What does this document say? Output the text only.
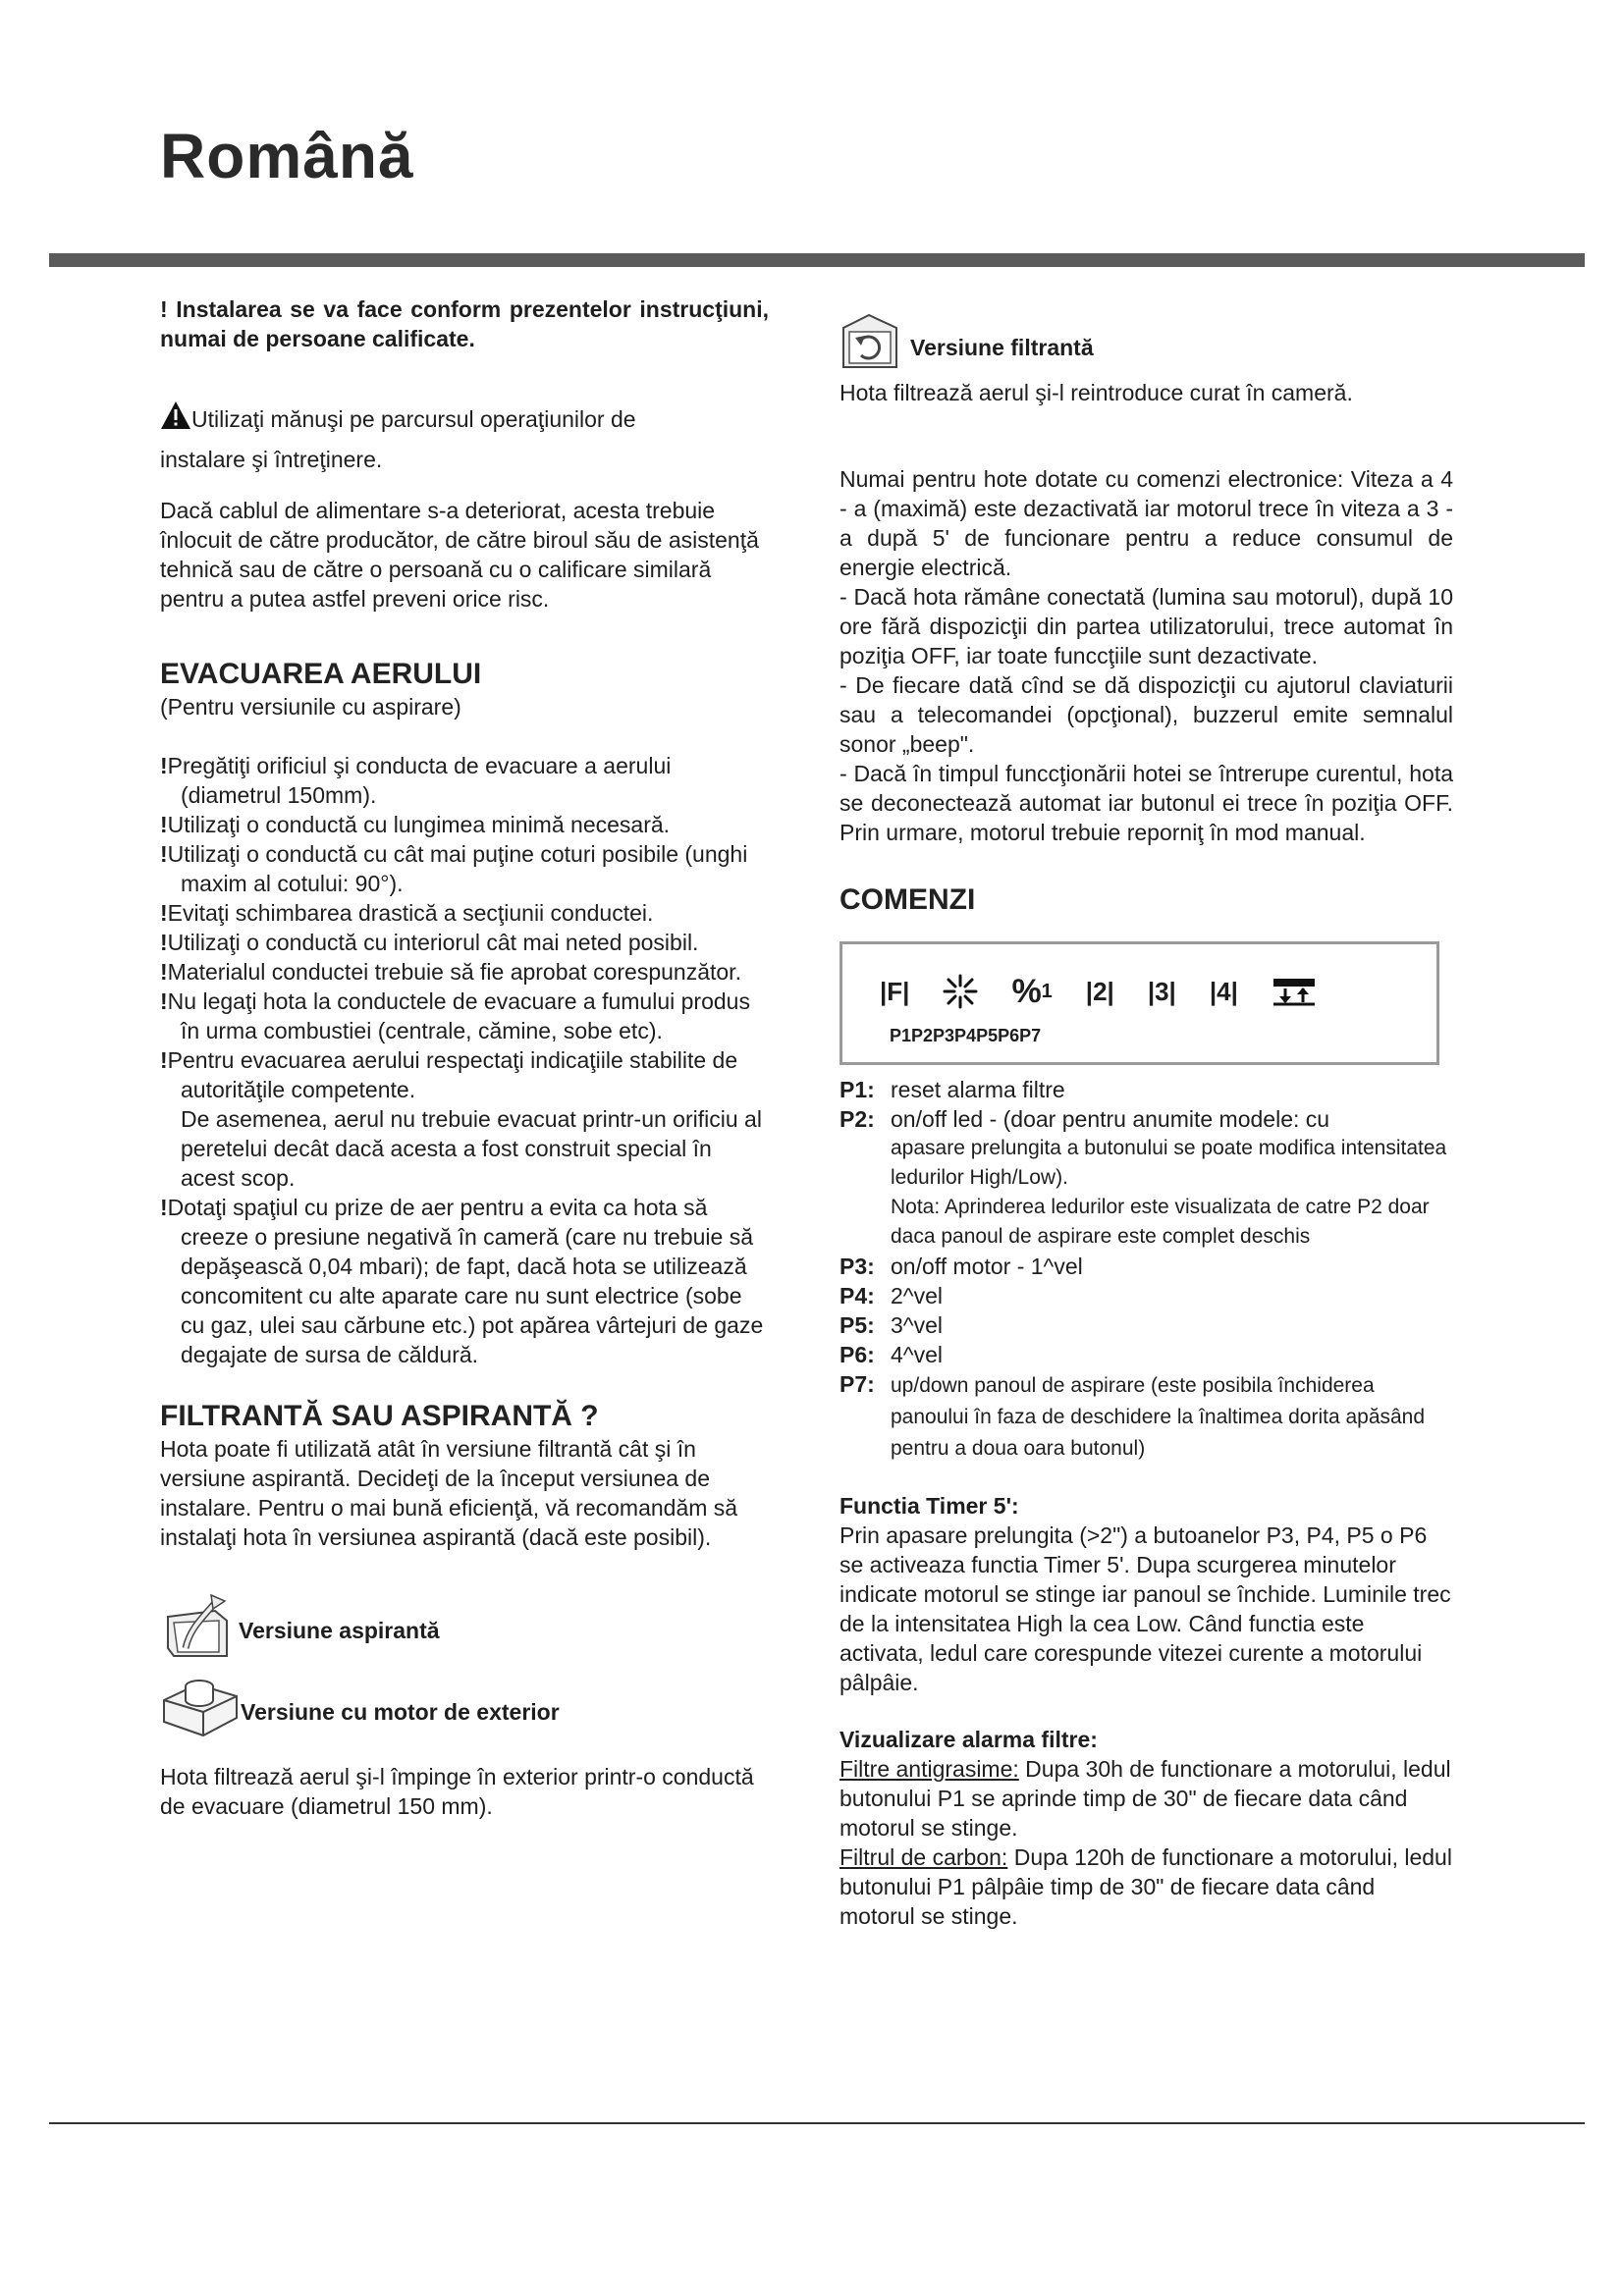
Română

! Instalarea se va face conform prezentelor instrucţiuni, numai de persoane calificate.

Utilizaţi mănuşi pe parcursul operaţiunilor de
instalare şi întreţinere.

Dacă cablul de alimentare s-a deteriorat, acesta trebuie înlocuit de către producător, de către biroul său de asistenţă tehnică sau de către o persoană cu o calificare similară pentru a putea astfel preveni orice risc.

EVACUAREA AERULUI

(Pentru versiunile cu aspirare)

!Pregătiţi orificiul şi conducta de evacuare a aerului (diametrul 150mm).

!Utilizaţi o conductă cu lungimea minimă necesară.

!Utilizaţi o conductă cu cât mai puţine coturi posibile (unghi maxim al cotului: 90°).

!Evitaţi schimbarea drastică a secţiunii conductei.

!Utilizaţi o conductă cu interiorul cât mai neted posibil.

!Materialul conductei trebuie să fie aprobat corespunzător.

!Nu legaţi hota la conductele de evacuare a fumului produs în urma combustiei (centrale, cămine, sobe etc).

!Pentru evacuarea aerului respectaţi indicaţiile stabilite de autorităţile competente.
De asemenea, aerul nu trebuie evacuat printr-un orificiu al peretelui decât dacă acesta a fost construit special în acest scop.

!Dotaţi spaţiul cu prize de aer pentru a evita ca hota să creeze o presiune negativă în cameră (care nu trebuie să depăşească 0,04 mbari); de fapt, dacă hota se utilizează concomitent cu alte aparate care nu sunt electrice (sobe cu gaz, ulei sau cărbune etc.) pot apărea vârtejuri de gaze degajate de sursa de căldură.

FILTRANTĂ SAU ASPIRANTĂ ?

Hota poate fi utilizată atât în versiune filtrantă cât şi în versiune aspirantă. Decideţi de la început versiunea de instalare. Pentru o mai bună eficienţă, vă recomandăm să instalaţi hota în versiunea aspirantă (dacă este posibil).

Versiune aspirantă
Versiune cu motor de exterior

Hota filtrează aerul şi-l împinge în exterior printr-o conductă de evacuare (diametrul 150 mm).

Versiune filtrantă

Hota filtrează aerul şi-l reintroduce curat în cameră.

Numai pentru hote dotate cu comenzi electronice: Viteza a 4 - a (maximă) este dezactivată iar motorul trece în viteza a 3 - a după 5' de funcionare pentru a reduce consumul de energie electrică.

- Dacă hota rămâne conectată (lumina sau motorul), după 10 ore fără dispozicţii din partea utilizatorului, trece automat în poziţia OFF, iar toate funccţiile sunt dezactivate.

- De fiecare dată cînd se dă dispozicţii cu ajutorul claviaturii sau a telecomandei (opcţional), buzzerul emite semnalul sonor „beep".

- Dacă în timpul funccţionării hotei se întrerupe curentul, hota se deconectează automat iar butonul ei trece în poziţia OFF. Prin urmare, motorul trebuie reporniţ în mod manual.

COMENZI
|F|	% 1 |2| |3| |4|
P1P2P3P4P5P6P7

P1: reset alarma filtre

P2: on/off led - (doar pentru anumite modele: cu

apasare prelungita a butonului se poate modifica intensitatea ledurilor High/Low).

Nota: Aprinderea ledurilor este visualizata de catre P2 doar daca panoul de aspirare este complet deschis

P3: on/off motor - 1^vel

P4: 2^vel

P5: 3^vel

P6: 4^vel

P7: up/down panoul de aspirare (este posibila închiderea panoului în faza de deschidere la înaltimea dorita apăsând pentru a doua oara butonul)

Functia Timer 5':

Prin apasare prelungita (>2") a butoanelor P3, P4, P5 o P6 se activeaza functia Timer 5'. Dupa scurgerea minutelor indicate motorul se stinge iar panoul se închide. Luminile trec de la intensitatea High la cea Low. Când functia este activata, ledul care corespunde vitezei curente a motorului pâlpâie.

Vizualizare alarma filtre:

Filtre antigrasime: Dupa 30h de functionare a motorului, ledul butonului P1 se aprinde timp de 30" de fiecare data când motorul se stinge.

Filtrul de carbon: Dupa 120h de functionare a motorului, ledul butonului P1 pâlpâie timp de 30" de fiecare data când motorul se stinge.
